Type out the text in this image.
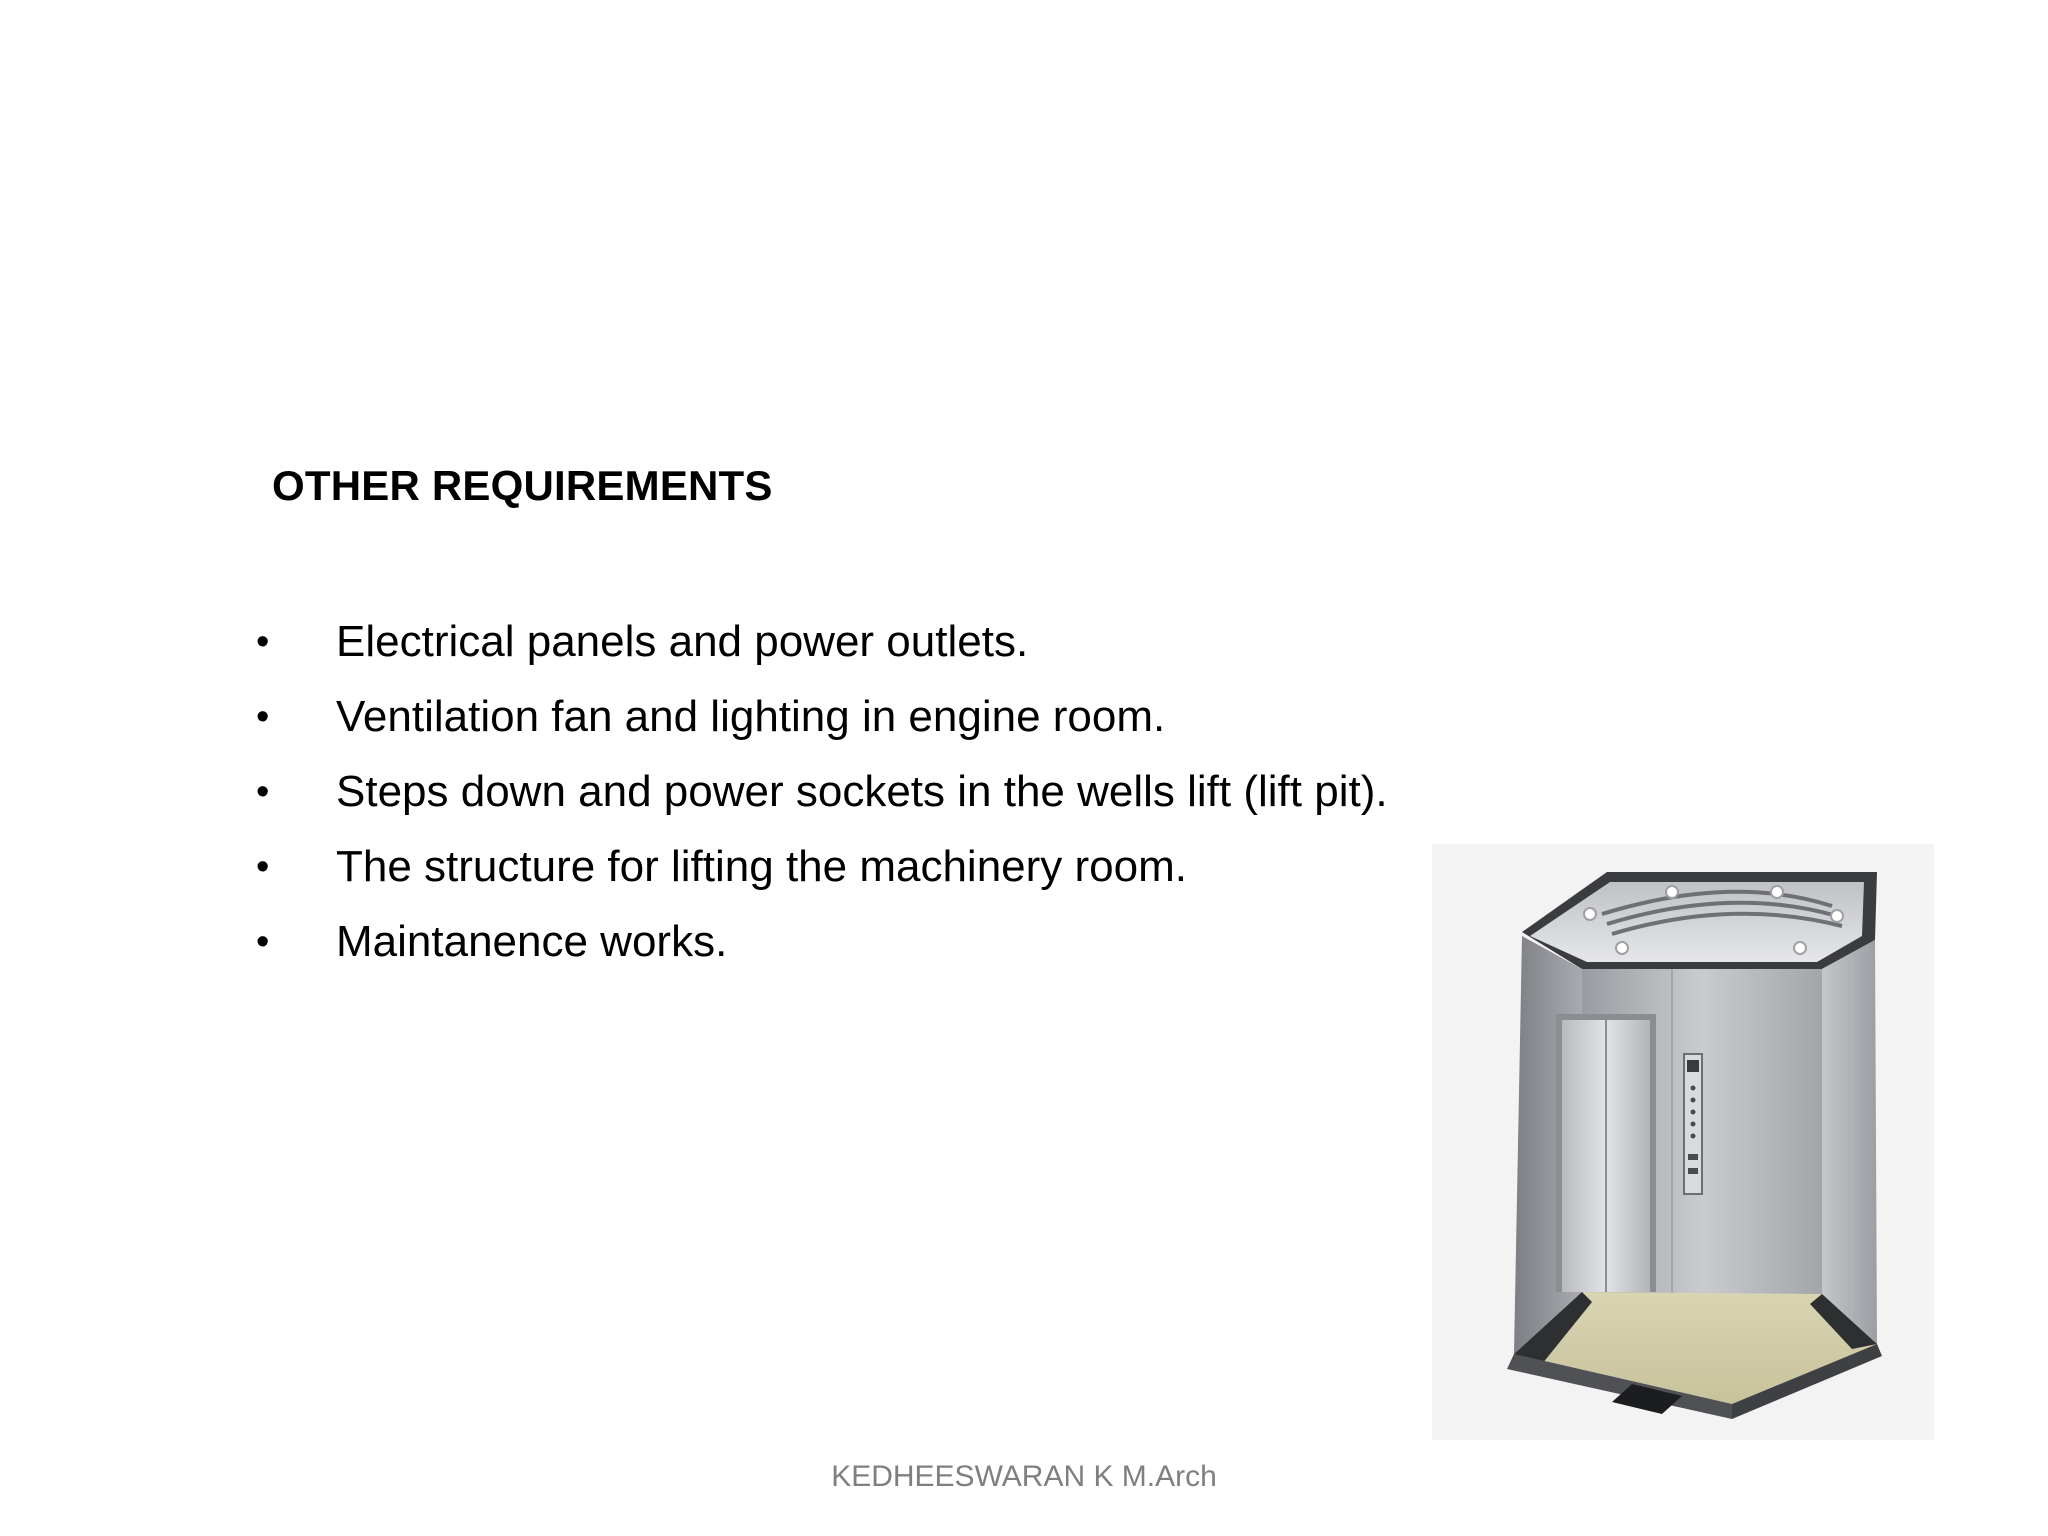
OTHER REQUIREMENTS
•	Electrical panels and power outlets.
•	Ventilation fan and lighting in engine room.
•	Steps down and power sockets in the wells lift (lift pit).
•	The structure for lifting the machinery room.
•	Maintanence works.
KEDHEESWARAN K M.Arch
